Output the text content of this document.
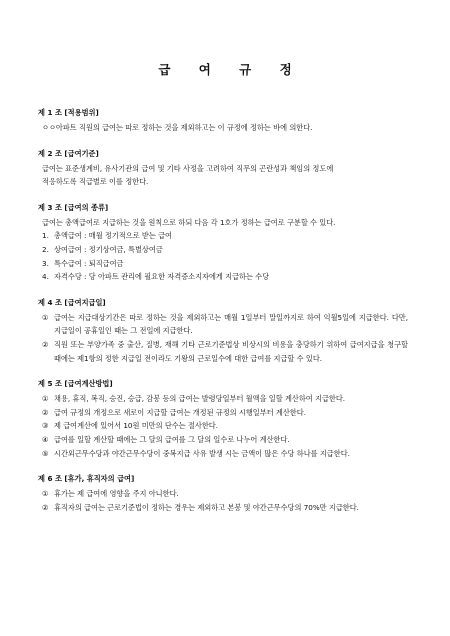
급 여 규 정
제 1 조 [적용범위]
ㅇㅇ아파트 직원의 급여는 따로 정하는 것을 제외하고는 이 규정에 정하는 바에 의한다.
제 2 조 [급여기준]
급여는 표준생계비, 유사기관의 급여 및 기타 사정을 고려하여 직무의 곤란성과 책임의 정도에
적응하도록 직급별로 이를 정한다.
제 3 조 [급여의 종류]
급여는 총액급여로 지급하는 것을 원칙으로 하되 다음 각 1호가 정하는 급여로 구분할 수 있다.
1. 총액급여 : 매월 정기적으로 받는 급여
2. 상여급여 : 정기상여금, 특별상여금
3. 특수급여 : 퇴직급여금
4. 자격수당 : 당 아파트 관리에 필요한 자격증소지자에게 지급하는 수당
제 4 조 [급여지급일]
① 급여는 지급대상기간은 따로 정하는 것을 제외하고는 매월 1일부터 말일까지로 하여 익월5일에 지급한다. 다만, 지급일이 공휴일인 때는 그 전일에 지급한다.
② 직원 또는 부양가족 중 출산, 질병, 재해 기타 근로기준법상 비상시의 비용을 충당하기 위하여 급여지급을 청구할 때에는 제1항의 정한 지급일 전이라도 기왕의 근로일수에 대한 급여를 지급할 수 있다.
제 5 조 [급여계산방법]
① 채용, 휴직, 복직, 승진, 승급, 감봉 등의 급여는 발령당일부터 월액을 일할 계산하여 지급한다.
② 급여 규정의 개정으로 새로이 지급할 급여는 개정된 규정의 시행일부터 계산한다.
③ 제 급여계산에 있어서 10원 미만의 단수는 절사한다.
④ 급여를 일할 계산할 때에는 그 달의 급여를 그 달의 일수로 나누어 계산한다.
⑤ 시간외근무수당과 야간근무수당이 중복지급 사유 발생 시는 금액이 많은 수당 하나를 지급한다.
제 6 조 [휴가, 휴직자의 급여]
① 휴가는 제 급여에 영향을 주지 아니한다.
② 휴직자의 급여는 근로기준법이 정하는 경우는 제외하고 본봉 및 야간근무수당의 70%만 지급한다.
